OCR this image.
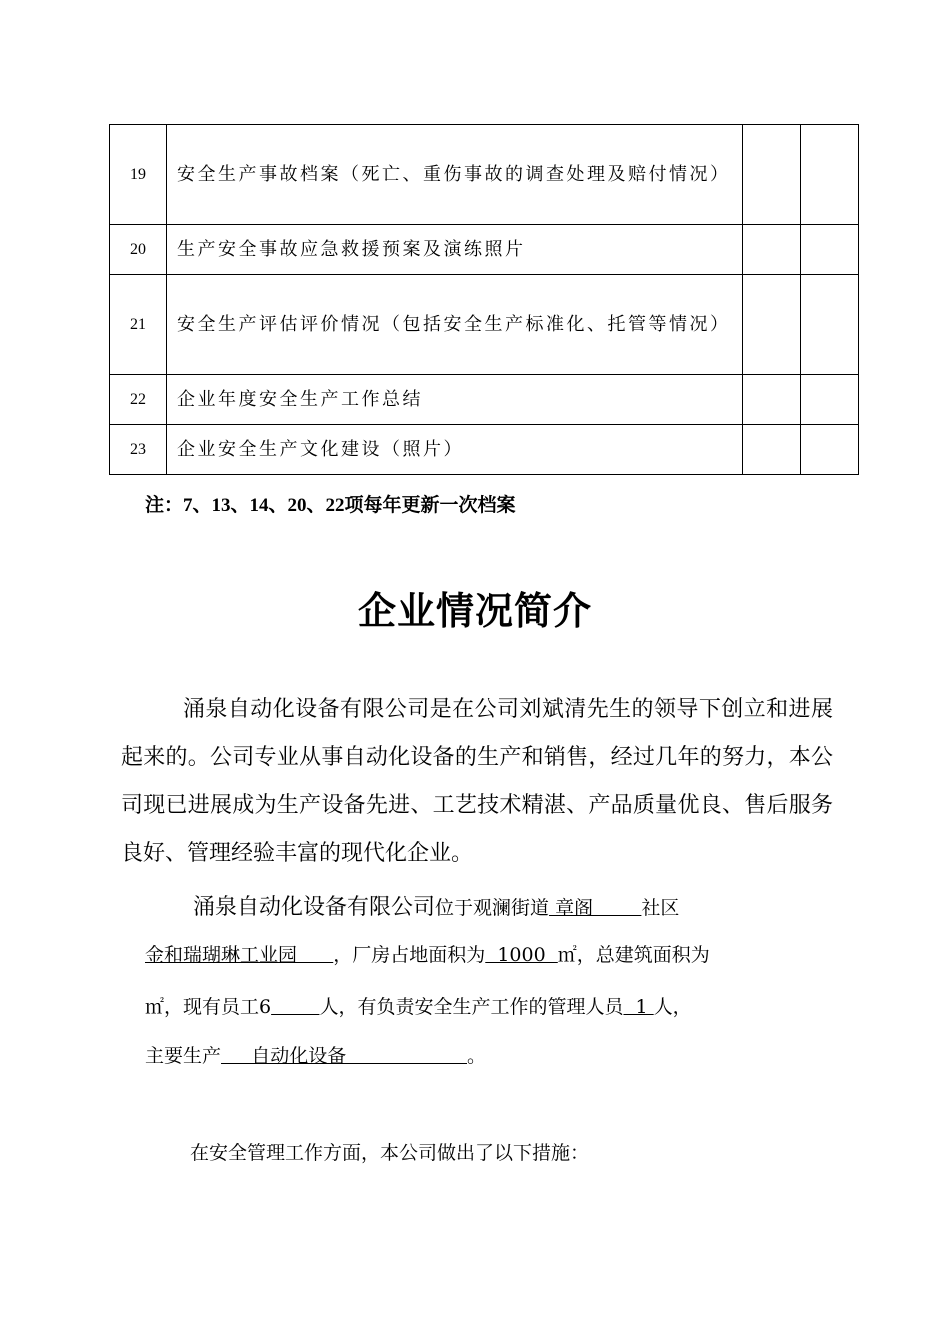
19	安全生产事故档案（死亡、重伤事故的调查处理及赔付情况）		
20	生产安全事故应急救援预案及演练照片		
21	安全生产评估评价情况（包括安全生产标准化、托管等情况）		
22	企业年度安全生产工作总结		
23	企业安全生产文化建设（照片）		
注：7、13、14、20、22项每年更新一次档案
企业情况简介

涌泉自动化设备有限公司是在公司刘斌清先生的领导下创立和进展起来的。公司专业从事自动化设备的生产和销售，经过几年的努力，本公司现已进展成为生产设备先进、工艺技术精湛、产品质量优良、售后服务良好、管理经验丰富的现代化企业。

涌泉自动化设备有限公司位于观澜街道 章阁        社区
金和瑞瑚琳工业园      ，厂房占地面积为  1000  ㎡，总建筑面积为
㎡，现有员工6	人，有负责安全生产工作的管理人员  1 人，
主要生产     自动化设备                    。
在安全管理工作方面，本公司做出了以下措施：
